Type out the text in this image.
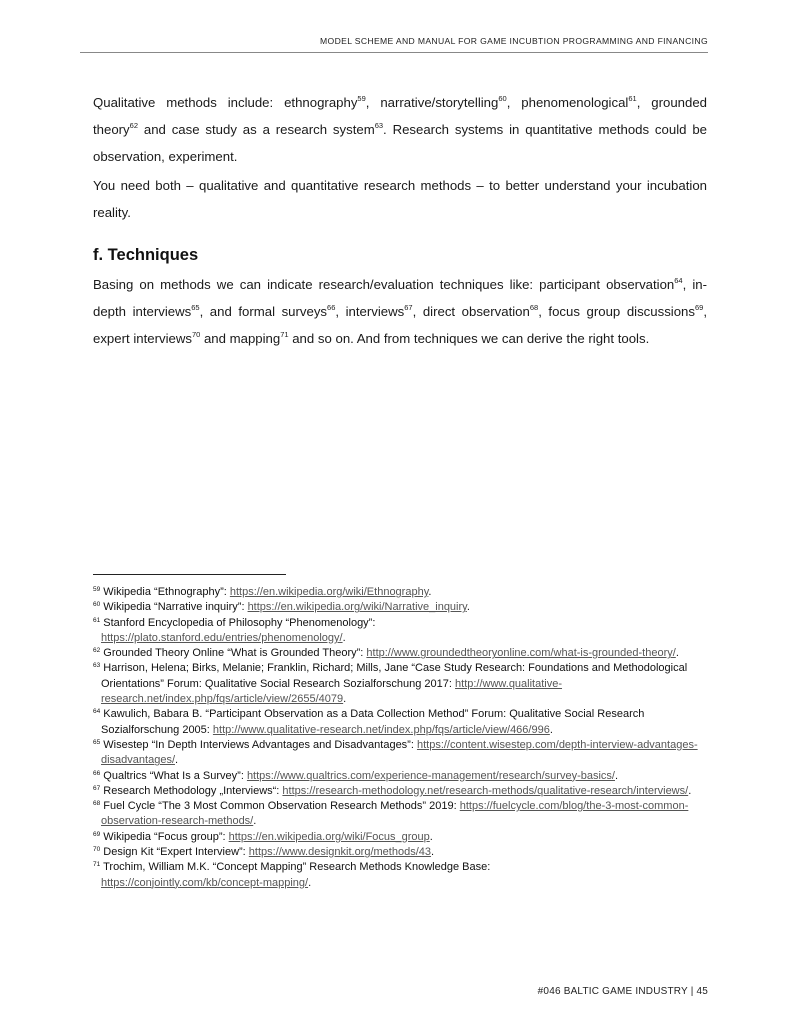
MODEL SCHEME AND MANUAL FOR GAME INCUBTION PROGRAMMING AND FINANCING

Qualitative methods include: ethnography$^{59}$, narrative/storytelling$^{60}$, phenomenological$^{61}$, grounded theory$^{62}$ and case study as a research system$^{63}$. Research systems in quantitative methods could be observation, experiment.

You need both – qualitative and quantitative research methods – to better understand your incubation reality.

f. Techniques

Basing on methods we can indicate research/evaluation techniques like: participant observation$^{64}$, in-depth interviews$^{65}$, and formal surveys$^{66}$, interviews$^{67}$, direct observation$^{68}$, focus group discussions$^{69}$, expert interviews$^{70}$ and mapping$^{71}$ and so on. And from techniques we can derive the right tools.

$^{59}$ Wikipedia “Ethnography”: https://en.wikipedia.org/wiki/Ethnography.
$^{60}$ Wikipedia “Narrative inquiry”: https://en.wikipedia.org/wiki/Narrative_inquiry.
$^{61}$ Stanford Encyclopedia of Philosophy “Phenomenology”:
https://plato.stanford.edu/entries/phenomenology/.
$^{62}$ Grounded Theory Online “What is Grounded Theory”: http://www.groundedtheoryonline.com/what-is-grounded-theory/.
$^{63}$ Harrison, Helena; Birks, Melanie; Franklin, Richard; Mills, Jane “Case Study Research: Foundations and Methodological Orientations” Forum: Qualitative Social Research Sozialforschung 2017: http://www.qualitative-research.net/index.php/fqs/article/view/2655/4079.
$^{64}$ Kawulich, Babara B. “Participant Observation as a Data Collection Method” Forum: Qualitative Social Research Sozialforschung 2005: http://www.qualitative-research.net/index.php/fqs/article/view/466/996.
$^{65}$ Wisestep “In Depth Interviews Advantages and Disadvantages”: https://content.wisestep.com/depth-interview-advantages-disadvantages/.
$^{66}$ Qualtrics “What Is a Survey”: https://www.qualtrics.com/experience-management/research/survey-basics/.
$^{67}$ Research Methodology „Interviews“: https://research-methodology.net/research-methods/qualitative-research/interviews/.
$^{68}$ Fuel Cycle “The 3 Most Common Observation Research Methods” 2019: https://fuelcycle.com/blog/the-3-most-common-observation-research-methods/.
$^{69}$ Wikipedia “Focus group”: https://en.wikipedia.org/wiki/Focus_group.
$^{70}$ Design Kit “Expert Interview”: https://www.designkit.org/methods/43.
$^{71}$ Trochim, William M.K. “Concept Mapping” Research Methods Knowledge Base:
https://conjointly.com/kb/concept-mapping/.
#046 BALTIC GAME INDUSTRY | 45
